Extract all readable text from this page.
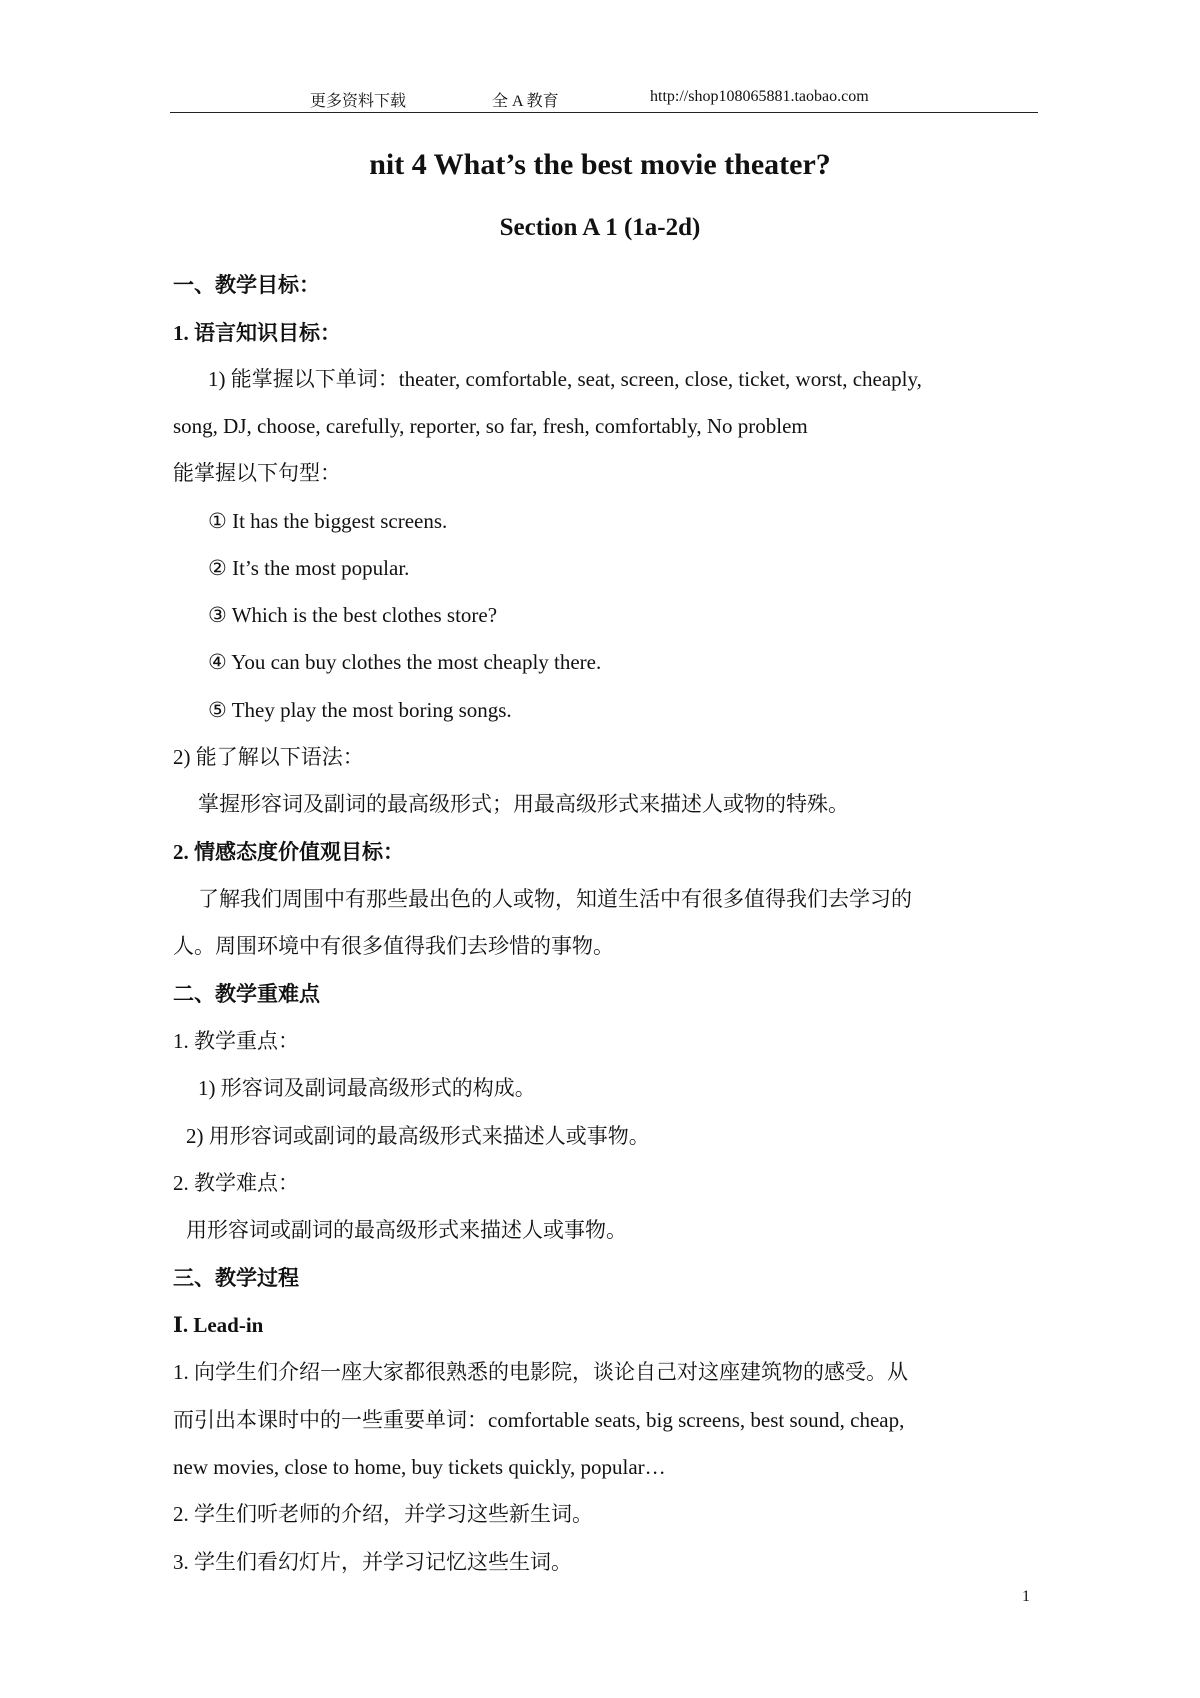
更多资料下载	全 A 教育	http://shop108065881.taobao.com
nit 4 What’s the best movie theater?
Section A 1 (1a-2d)

一、教学目标：

1. 语言知识目标：

1) 能掌握以下单词：theater, comfortable, seat, screen, close, ticket, worst, cheaply,

song, DJ, choose, carefully, reporter, so far, fresh, comfortably, No problem

能掌握以下句型：

① It has the biggest screens.

② It’s the most popular.

③ Which is the best clothes store?

④ You can buy clothes the most cheaply there.

⑤ They play the most boring songs.

2) 能了解以下语法：

掌握形容词及副词的最高级形式；用最高级形式来描述人或物的特殊。

2. 情感态度价值观目标：

了解我们周围中有那些最出色的人或物，知道生活中有很多值得我们去学习的

人。周围环境中有很多值得我们去珍惜的事物。

二、教学重难点

1. 教学重点：

1) 形容词及副词最高级形式的构成。

2) 用形容词或副词的最高级形式来描述人或事物。

2. 教学难点：

用形容词或副词的最高级形式来描述人或事物。

三、教学过程

Ⅰ. Lead-in

1. 向学生们介绍一座大家都很熟悉的电影院，谈论自己对这座建筑物的感受。从

而引出本课时中的一些重要单词：comfortable seats, big screens, best sound, cheap,

new movies, close to home, buy tickets quickly, popular…

2. 学生们听老师的介绍，并学习这些新生词。

3. 学生们看幻灯片，并学习记忆这些生词。

1
